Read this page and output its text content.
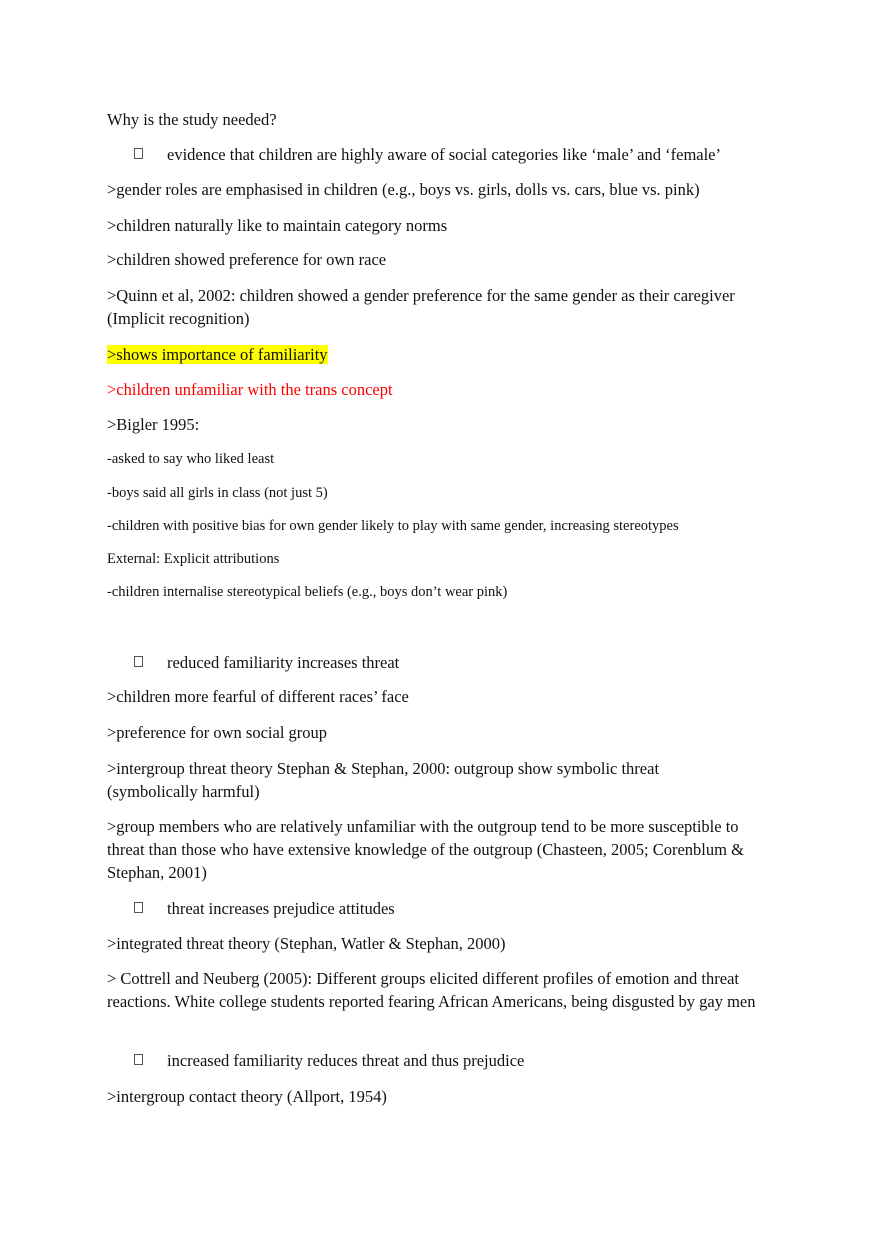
Why is the study needed?
evidence that children are highly aware of social categories like ‘male’ and ‘female’
>gender roles are emphasised in children (e.g., boys vs. girls, dolls vs. cars, blue vs. pink)
>children naturally like to maintain category norms
>children showed preference for own race
>Quinn et al, 2002: children showed a gender preference for the same gender as their caregiver (Implicit recognition)
>shows importance of familiarity
>children unfamiliar with the trans concept
>Bigler 1995:
-asked to say who liked least
-boys said all girls in class (not just 5)
-children with positive bias for own gender likely to play with same gender, increasing stereotypes
External: Explicit attributions
-children internalise stereotypical beliefs (e.g., boys don’t wear pink)
reduced familiarity increases threat
>children more fearful of different races’ face
>preference for own social group
>intergroup threat theory Stephan & Stephan, 2000: outgroup show symbolic threat (symbolically harmful)
>group members who are relatively unfamiliar with the outgroup tend to be more susceptible to threat than those who have extensive knowledge of the outgroup (Chasteen, 2005; Corenblum & Stephan, 2001)
threat increases prejudice attitudes
>integrated threat theory (Stephan, Watler & Stephan, 2000)
> Cottrell and Neuberg (2005): Different groups elicited different profiles of emotion and threat reactions. White college students reported fearing African Americans, being disgusted by gay men
increased familiarity reduces threat and thus prejudice
>intergroup contact theory (Allport, 1954)
